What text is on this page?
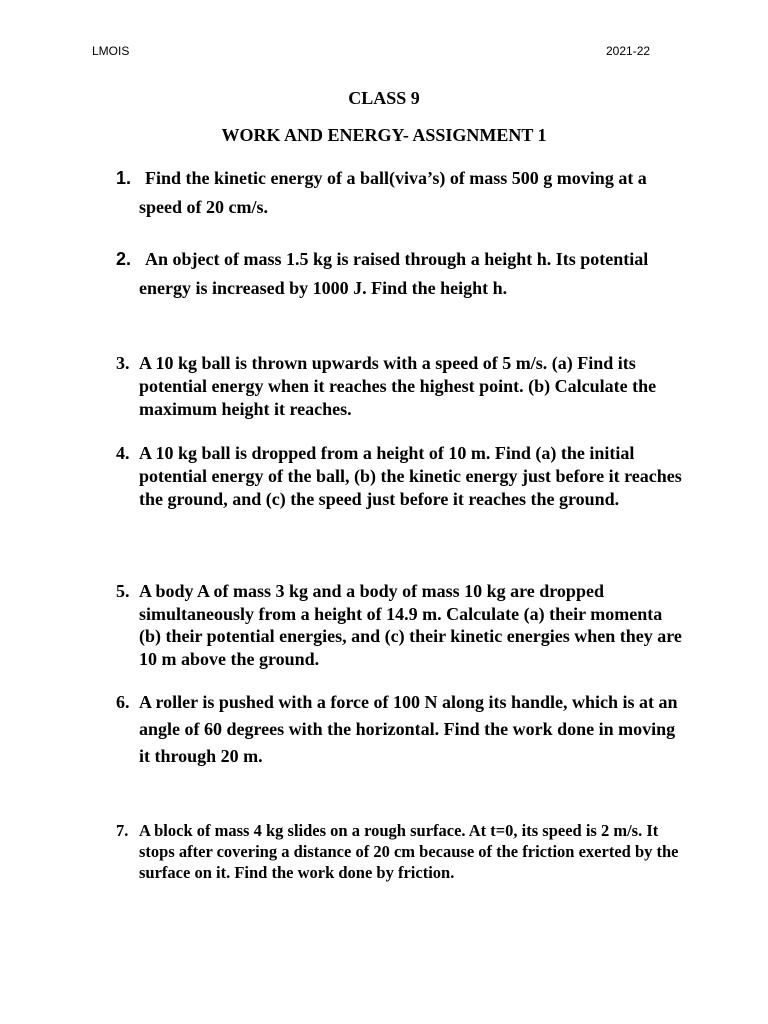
LMOIS	2021-22
CLASS 9
WORK AND ENERGY- ASSIGNMENT 1
1. Find the kinetic energy of a ball(viva’s) of mass 500 g moving at a speed of 20 cm/s.
2. An object of mass 1.5 kg is raised through a height h. Its potential energy is increased by 1000 J. Find the height h.
3. A 10 kg ball is thrown upwards with a speed of 5 m/s. (a) Find its potential energy when it reaches the highest point. (b) Calculate the maximum height it reaches.
4. A 10 kg ball is dropped from a height of 10 m. Find (a) the initial potential energy of the ball, (b) the kinetic energy just before it reaches the ground, and (c) the speed just before it reaches the ground.
5. A body A of mass 3 kg and a body of mass 10 kg are dropped simultaneously from a height of 14.9 m. Calculate (a) their momenta (b) their potential energies, and (c) their kinetic energies when they are 10 m above the ground.
6. A roller is pushed with a force of 100 N along its handle, which is at an angle of 60 degrees with the horizontal. Find the work done in moving it through 20 m.
7. A block of mass 4 kg slides on a rough surface. At t=0, its speed is 2 m/s. It stops after covering a distance of 20 cm because of the friction exerted by the surface on it. Find the work done by friction.
